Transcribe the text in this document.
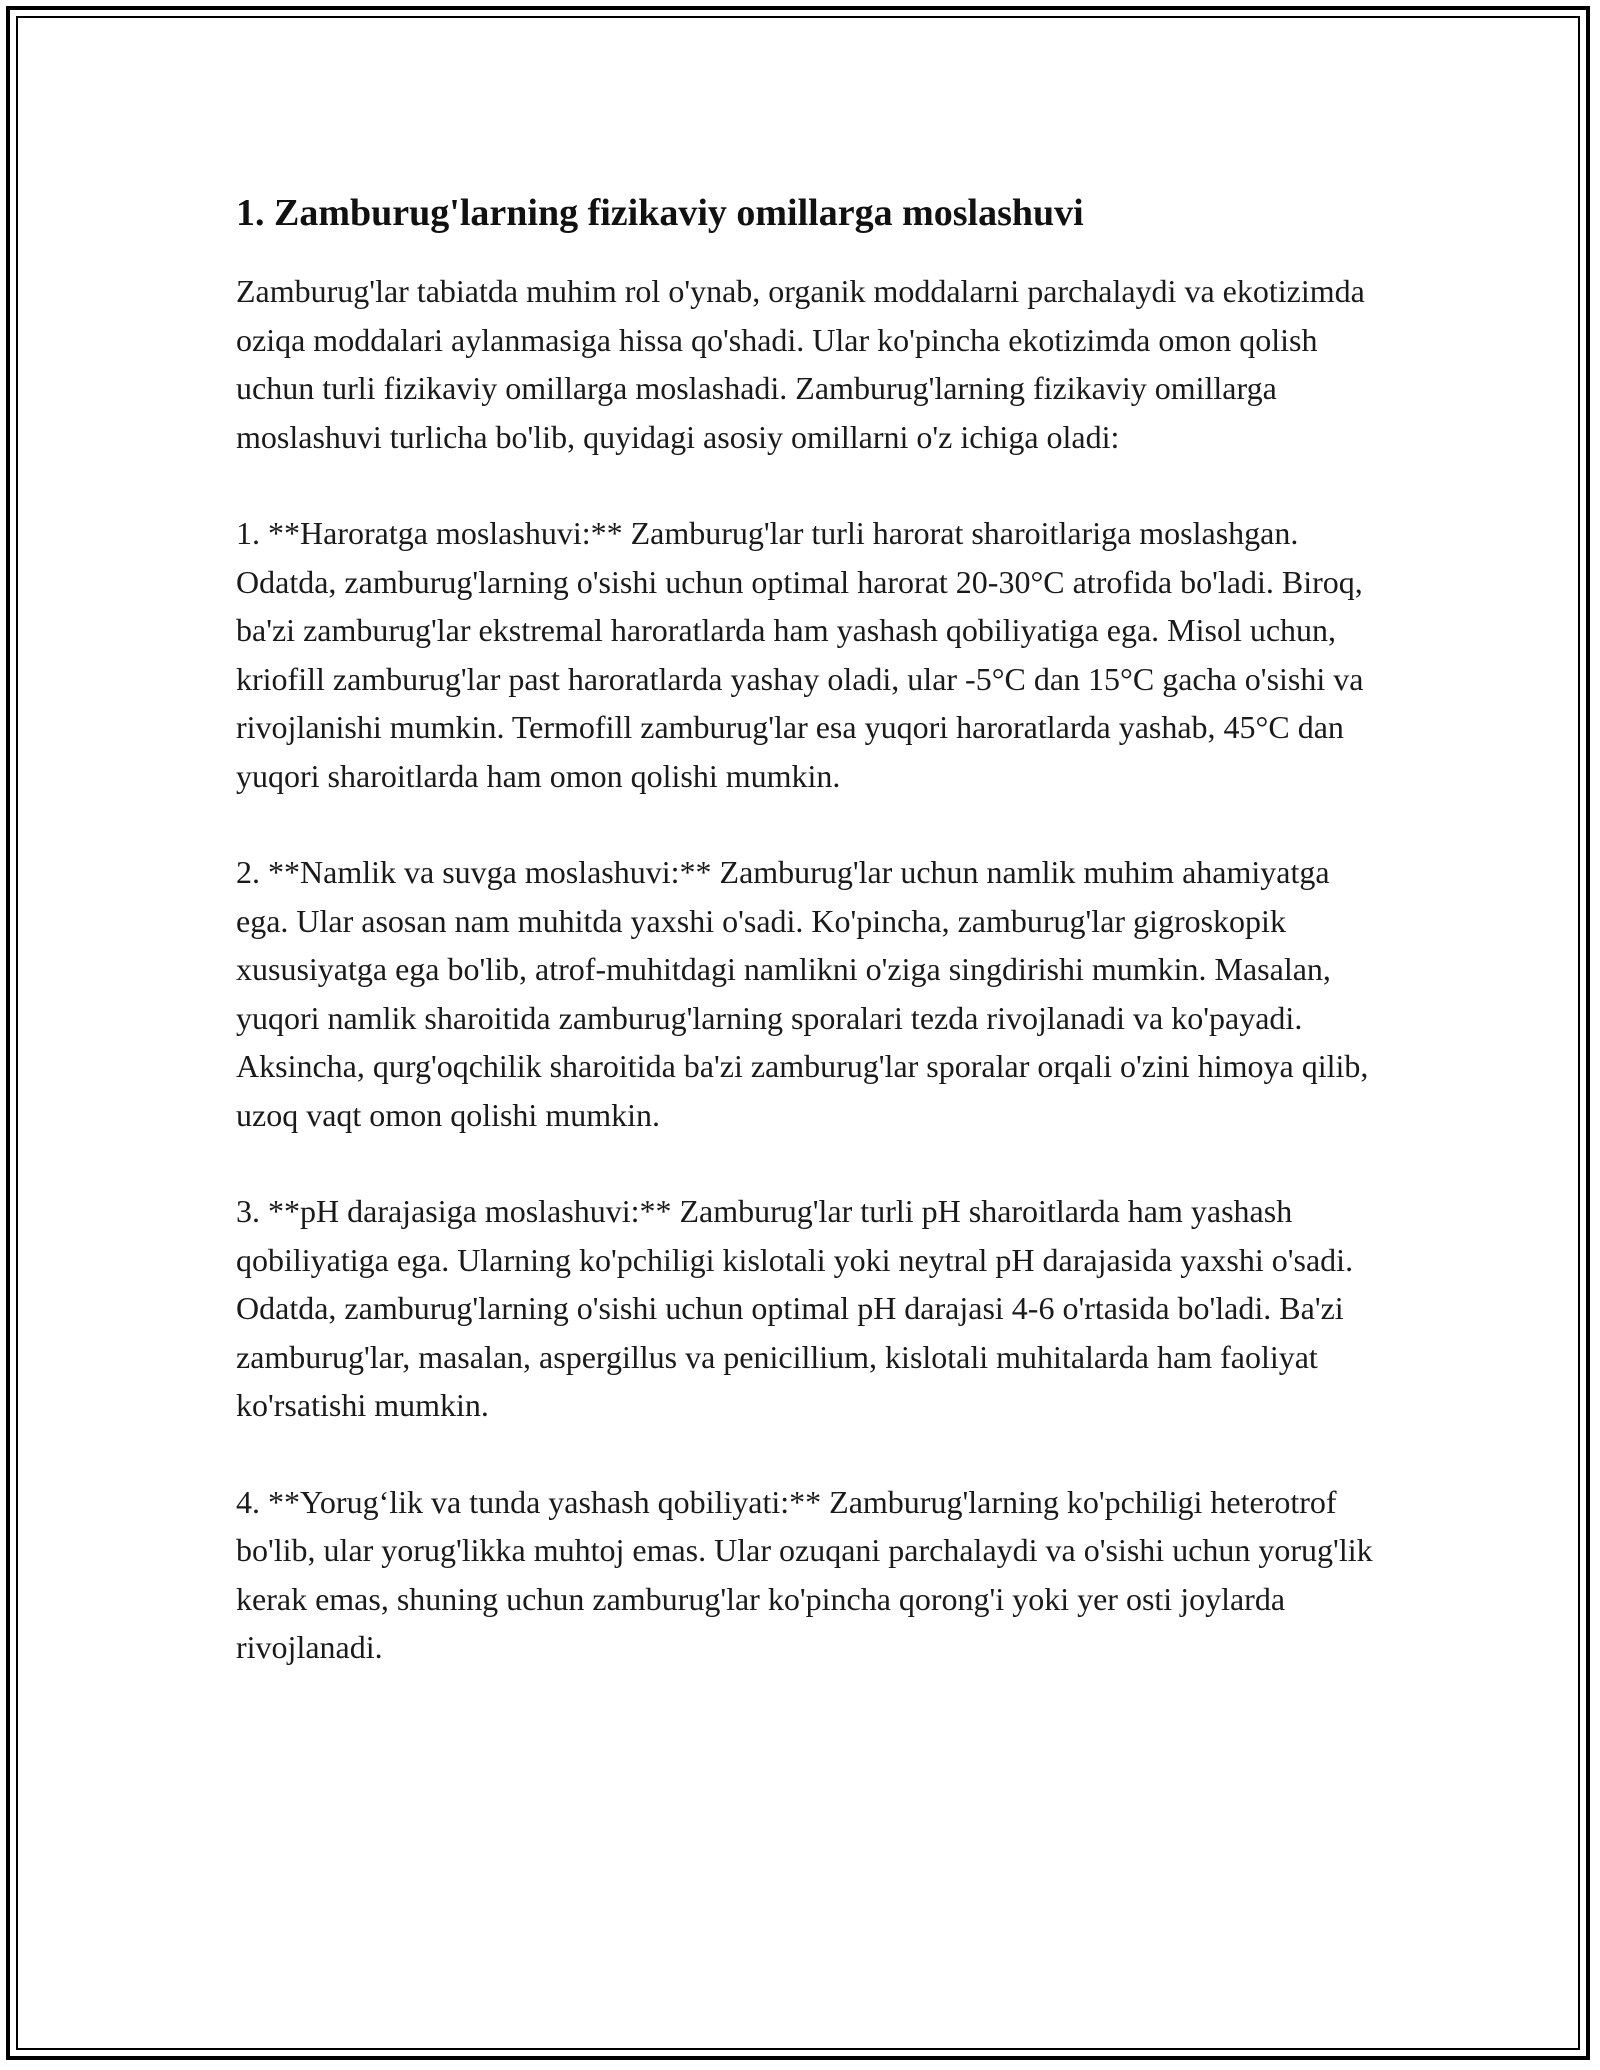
1. Zamburug'larning fizikaviy omillarga moslashuvi

Zamburug'lar tabiatda muhim rol o'ynab, organik moddalarni parchalaydi va ekotizimda oziqa moddalari aylanmasiga hissa qo'shadi. Ular ko'pincha ekotizimda omon qolish uchun turli fizikaviy omillarga moslashadi. Zamburug'larning fizikaviy omillarga moslashuvi turlicha bo'lib, quyidagi asosiy omillarni o'z ichiga oladi:

1. **Haroratga moslashuvi:** Zamburug'lar turli harorat sharoitlariga moslashgan. Odatda, zamburug'larning o'sishi uchun optimal harorat 20-30°C atrofida bo'ladi. Biroq, ba'zi zamburug'lar ekstremal haroratlarda ham yashash qobiliyatiga ega. Misol uchun, kriofill zamburug'lar past haroratlarda yashay oladi, ular -5°C dan 15°C gacha o'sishi va rivojlanishi mumkin. Termofill zamburug'lar esa yuqori haroratlarda yashab, 45°C dan yuqori sharoitlarda ham omon qolishi mumkin.

2. **Namlik va suvga moslashuvi:** Zamburug'lar uchun namlik muhim ahamiyatga ega. Ular asosan nam muhitda yaxshi o'sadi. Ko'pincha, zamburug'lar gigroskopik xususiyatga ega bo'lib, atrof-muhitdagi namlikni o'ziga singdirishi mumkin. Masalan, yuqori namlik sharoitida zamburug'larning sporalari tezda rivojlanadi va ko'payadi. Aksincha, qurg'oqchilik sharoitida ba'zi zamburug'lar sporalar orqali o'zini himoya qilib, uzoq vaqt omon qolishi mumkin.

3. **pH darajasiga moslashuvi:** Zamburug'lar turli pH sharoitlarda ham yashash qobiliyatiga ega. Ularning ko'pchiligi kislotali yoki neytral pH darajasida yaxshi o'sadi. Odatda, zamburug'larning o'sishi uchun optimal pH darajasi 4-6 o'rtasida bo'ladi. Ba'zi zamburug'lar, masalan, aspergillus va penicillium, kislotali muhitalarda ham faoliyat ko'rsatishi mumkin.

4. **Yorug‘lik va tunda yashash qobiliyati:** Zamburug'larning ko'pchiligi heterotrof bo'lib, ular yorug'likka muhtoj emas. Ular ozuqani parchalaydi va o'sishi uchun yorug'lik kerak emas, shuning uchun zamburug'lar ko'pincha qorong'i yoki yer osti joylarda rivojlanadi.
